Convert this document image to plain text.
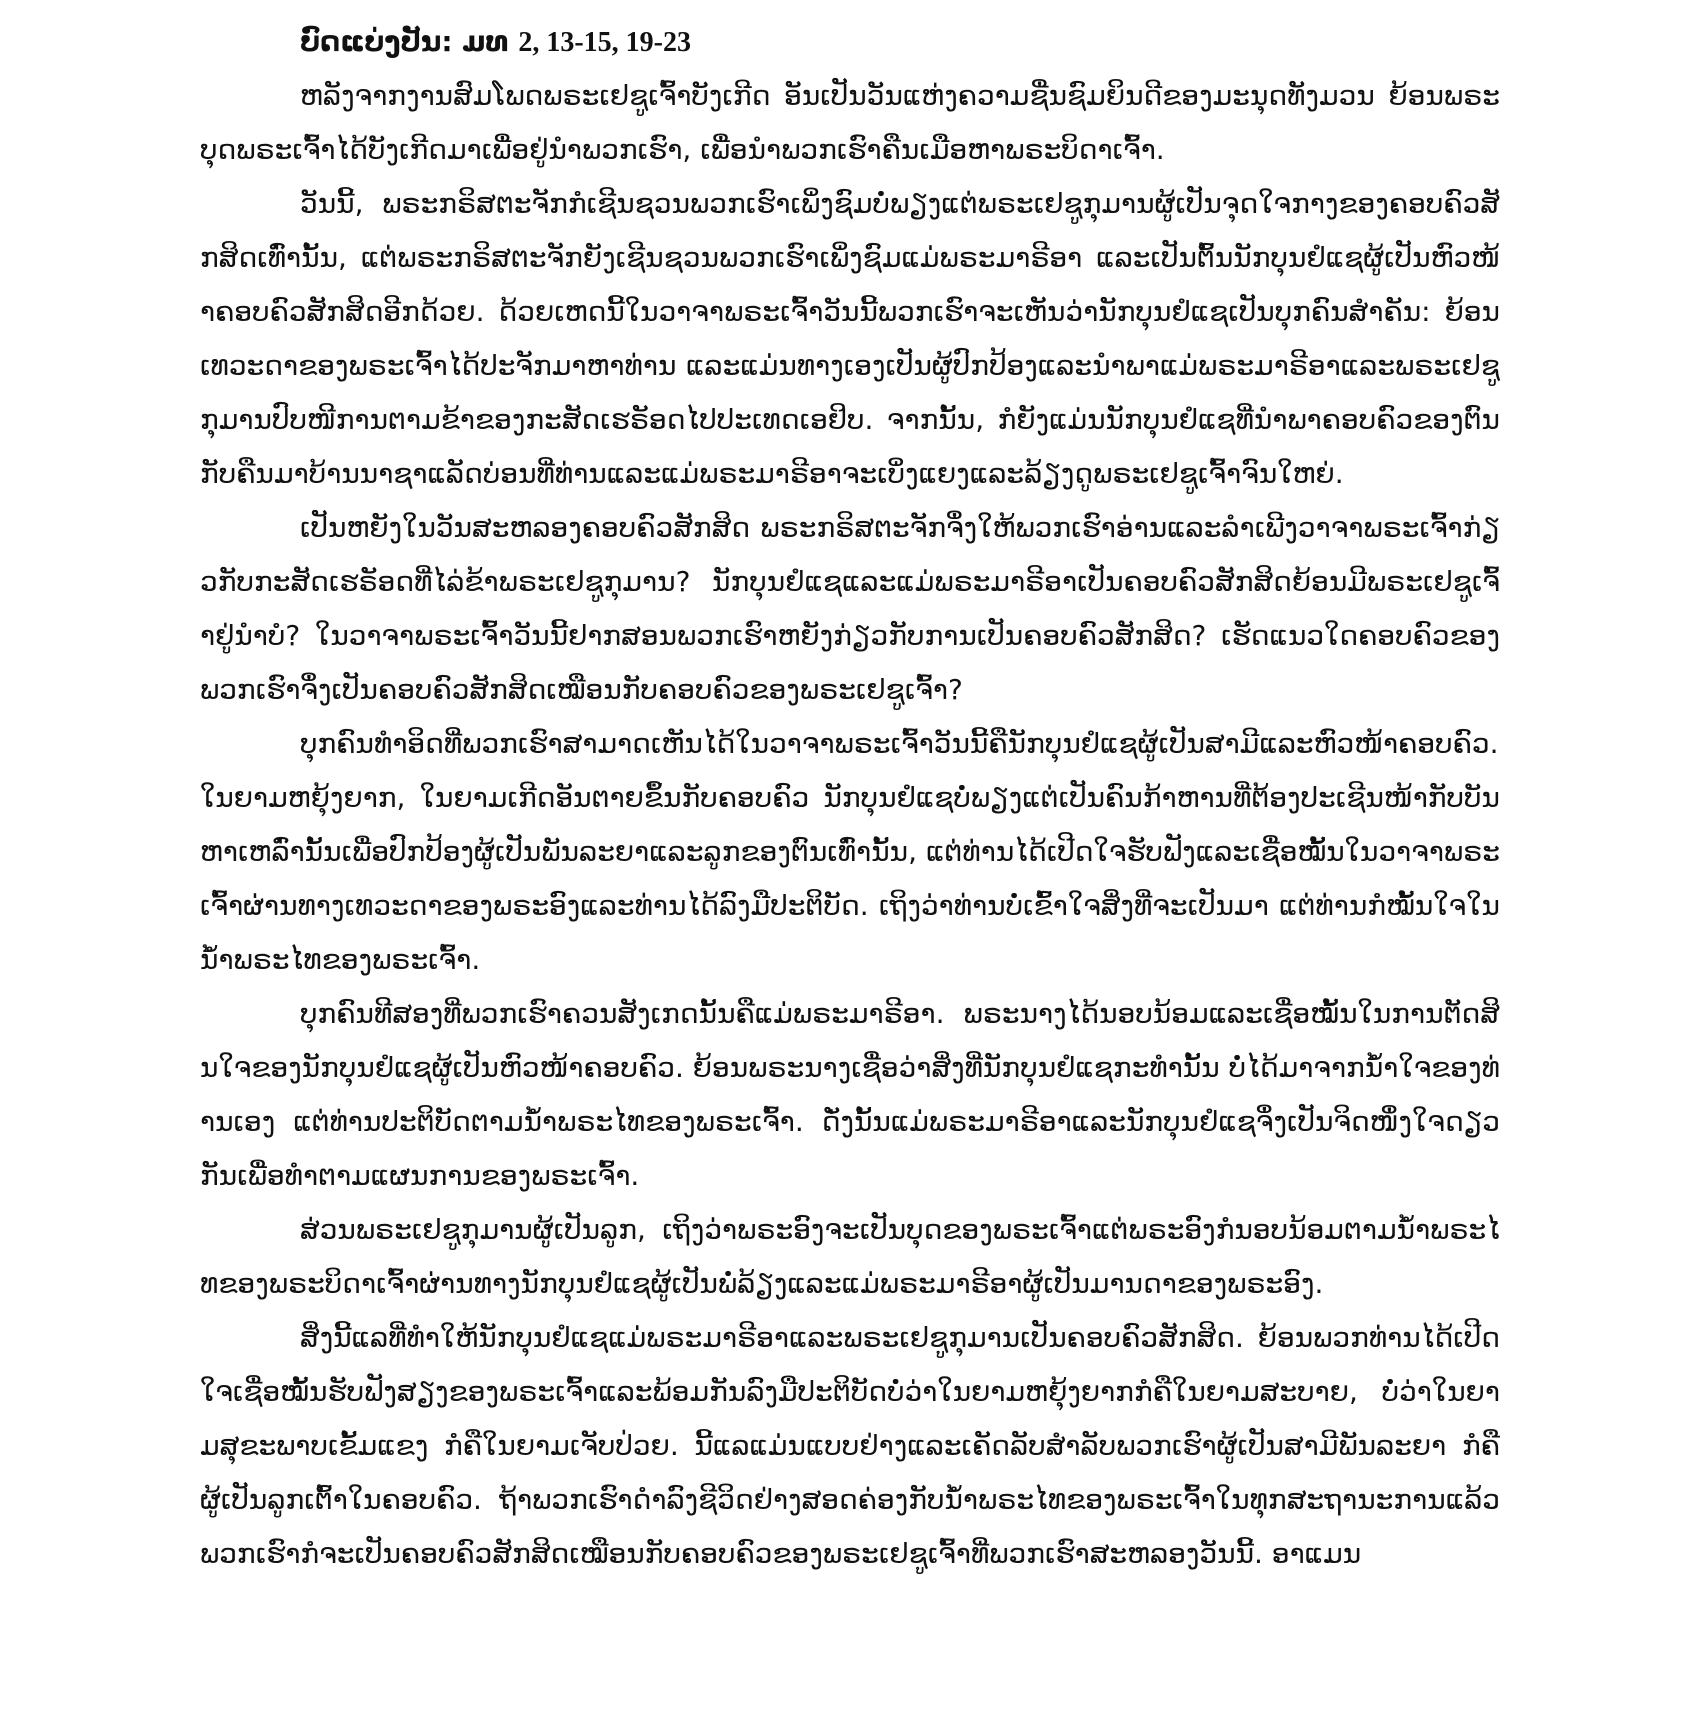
ບົດແບ່ງປັນ: ມທ 2, 13-15, 19-23

ຫລັງຈາກງານສົມໂພດພຣະເຢຊູເຈົ້າບັງເກີດ ອັນເປັນວັນແຫ່ງຄວາມຊື່ນຊົມຍິນດີຂອງມະນຸດທັງມວນ ຍ້ອນພຣະບຸດພຣະເຈົ້າໄດ້ບັງເກີດມາເພື່ອຢູ່ນຳພວກເຮົາ, ເພື່ອນຳພວກເຮົາຄືນເມືອຫາພຣະບິດາເຈົ້າ.

ວັນນີ້, ພຣະກຣິສຕະຈັກກໍເຊີນຊວນພວກເຮົາເພິ່ງຊົມບໍ່ພຽງແຕ່ພຣະເຢຊູກຸມານຜູ້ເປັນຈຸດໃຈກາງຂອງຄອບຄົວສັກສິດເທົ່ານັ້ນ, ແຕ່ພຣະກຣິສຕະຈັກຍັງເຊີນຊວນພວກເຮົາເພິ່ງຊົມແມ່ພຣະມາຣີອາ ແລະເປັນຕົ້ນນັກບຸນຢໍແຊຜູ້ເປັນຫົວໜ້າຄອບຄົວສັກສິດອີກດ້ວຍ. ດ້ວຍເຫດນີ້ໃນວາຈາພຣະເຈົ້າວັນນີ້ພວກເຮົາຈະເຫັນວ່ານັກບຸນຢໍແຊເປັນບຸກຄົນສຳຄັນ: ຍ້ອນເທວະດາຂອງພຣະເຈົ້າໄດ້ປະຈັກມາຫາທ່ານ ແລະແມ່ນທາງເອງເປັນຜູ້ປົກປ້ອງແລະນຳພາແມ່ພຣະມາຣີອາແລະພຣະເຢຊູກຸມານປົບໜີການຕາມຂ້າຂອງກະສັດເຮຣັອດໄປປະເທດເອຢິບ. ຈາກນັ້ນ, ກໍຍັງແມ່ນນັກບຸນຢໍແຊທີ່ນຳພາຄອບຄົວຂອງຕົນກັບຄືນມາບ້ານນາຊາແລັດບ່ອນທີ່ທ່ານແລະແມ່ພຣະມາຣີອາຈະເບິ່ງແຍງແລະລ້ຽງດູພຣະເຢຊູເຈົ້າຈົນໃຫຍ່.

ເປັນຫຍັງໃນວັນສະຫລອງຄອບຄົວສັກສິດ ພຣະກຣິສຕະຈັກຈຶ່ງໃຫ້ພວກເຮົາອ່ານແລະລຳເພີງວາຈາພຣະເຈົ້າກ່ຽວກັບກະສັດເຮຣັອດທີ່ໄລ່ຂ້າພຣະເຢຊູກຸມານ? ນັກບຸນຢໍແຊແລະແມ່ພຣະມາຣີອາເປັນຄອບຄົວສັກສິດຍ້ອນມີພຣະເຢຊູເຈົ້າຢູ່ນຳບໍ? ໃນວາຈາພຣະເຈົ້າວັນນີ້ຢາກສອນພວກເຮົາຫຍັງກ່ຽວກັບການເປັນຄອບຄົວສັກສິດ? ເຮັດແນວໃດຄອບຄົວຂອງພວກເຮົາຈຶ່ງເປັນຄອບຄົວສັກສິດເໝືອນກັບຄອບຄົວຂອງພຣະເຢຊູເຈົ້າ?

ບຸກຄົນທຳອິດທີ່ພວກເຮົາສາມາດເຫັນໄດ້ໃນວາຈາພຣະເຈົ້າວັນນີ້ຄືນັກບຸນຢໍແຊຜູ້ເປັນສາມີແລະຫົວໜ້າຄອບຄົວ. ໃນຍາມຫຍຸ້ງຍາກ, ໃນຍາມເກີດອັນຕາຍຂຶ້ນກັບຄອບຄົວ ນັກບຸນຢໍແຊບໍ່ພຽງແຕ່ເປັນຄົນກ້າຫານທີ່ຕ້ອງປະເຊີນໜ້າກັບບັນຫາເຫລົ່ານັ້ນເພື່ອປົກປ້ອງຜູ້ເປັນພັນລະຍາແລະລູກຂອງຕົນເທົ່ານັ້ນ, ແຕ່ທ່ານໄດ້ເປີດໃຈຮັບຟັງແລະເຊື່ອໝັ້ນໃນວາຈາພຣະເຈົ້າຜ່ານທາງເທວະດາຂອງພຣະອົງແລະທ່ານໄດ້ລົງມືປະຕິບັດ. ເຖິງວ່າທ່ານບໍ່ເຂົ້າໃຈສິ່ງທີ່ຈະເປັນມາ ແຕ່ທ່ານກໍໝັ້ນໃຈໃນນ້ຳພຣະໄທຂອງພຣະເຈົ້າ.

ບຸກຄົນທີສອງທີ່ພວກເຮົາຄວນສັງເກດນັ້ນຄືແມ່ພຣະມາຣີອາ. ພຣະນາງໄດ້ນອບນ້ອມແລະເຊື່ອໝັ້ນໃນການຕັດສິນໃຈຂອງນັກບຸນຢໍແຊຜູ້ເປັນຫົວໜ້າຄອບຄົວ. ຍ້ອນພຣະນາງເຊື່ອວ່າສິ່ງທີ່ນັກບຸນຢໍແຊກະທຳນັ້ນ ບໍ່ໄດ້ມາຈາກນ້ຳໃຈຂອງທ່ານເອງ ແຕ່ທ່ານປະຕິບັດຕາມນ້ຳພຣະໄທຂອງພຣະເຈົ້າ. ດັ່ງນັ້ນແມ່ພຣະມາຣີອາແລະນັກບຸນຢໍແຊຈຶ່ງເປັນຈິດໜຶ່ງໃຈດຽວກັນເພື່ອທຳຕາມແຜນການຂອງພຣະເຈົ້າ.

ສ່ວນພຣະເຢຊູກຸມານຜູ້ເປັນລູກ, ເຖິງວ່າພຣະອົງຈະເປັນບຸດຂອງພຣະເຈົ້າແຕ່ພຣະອົງກໍນອບນ້ອມຕາມນ້ຳພຣະໄທຂອງພຣະບິດາເຈົ້າຜ່ານທາງນັກບຸນຢໍແຊຜູ້ເປັນພໍ່ລ້ຽງແລະແມ່ພຣະມາຣີອາຜູ້ເປັນມານດາຂອງພຣະອົງ.

ສິ່ງນີ້ແລທີ່ທຳໃຫ້ນັກບຸນຢໍແຊແມ່ພຣະມາຣີອາແລະພຣະເຢຊູກຸມານເປັນຄອບຄົວສັກສິດ. ຍ້ອນພວກທ່ານໄດ້ເປີດໃຈເຊື່ອໝັ້ນຮັບຟັງສຽງຂອງພຣະເຈົ້າແລະພ້ອມກັນລົງມືປະຕິບັດບໍ່ວ່າໃນຍາມຫຍຸ້ງຍາກກໍຄືໃນຍາມສະບາຍ, ບໍ່ວ່າໃນຍາມສຸຂະພາບເຂັ້ມແຂງ ກໍຄືໃນຍາມເຈັບປ່ວຍ. ນີ້ແລແມ່ນແບບຢ່າງແລະເຄັດລັບສຳລັບພວກເຮົາຜູ້ເປັນສາມີພັນລະຍາ ກໍຄືຜູ້ເປັນລູກເຕົ້າໃນຄອບຄົວ. ຖ້າພວກເຮົາດຳລົງຊີວິດຢ່າງສອດຄ່ອງກັບນ້ຳພຣະໄທຂອງພຣະເຈົ້າໃນທຸກສະຖານະການແລ້ວ ພວກເຮົາກໍຈະເປັນຄອບຄົວສັກສິດເໝືອນກັບຄອບຄົວຂອງພຣະເຢຊູເຈົ້າທີ່ພວກເຮົາສະຫລອງວັນນີ້. ອາແມນ
